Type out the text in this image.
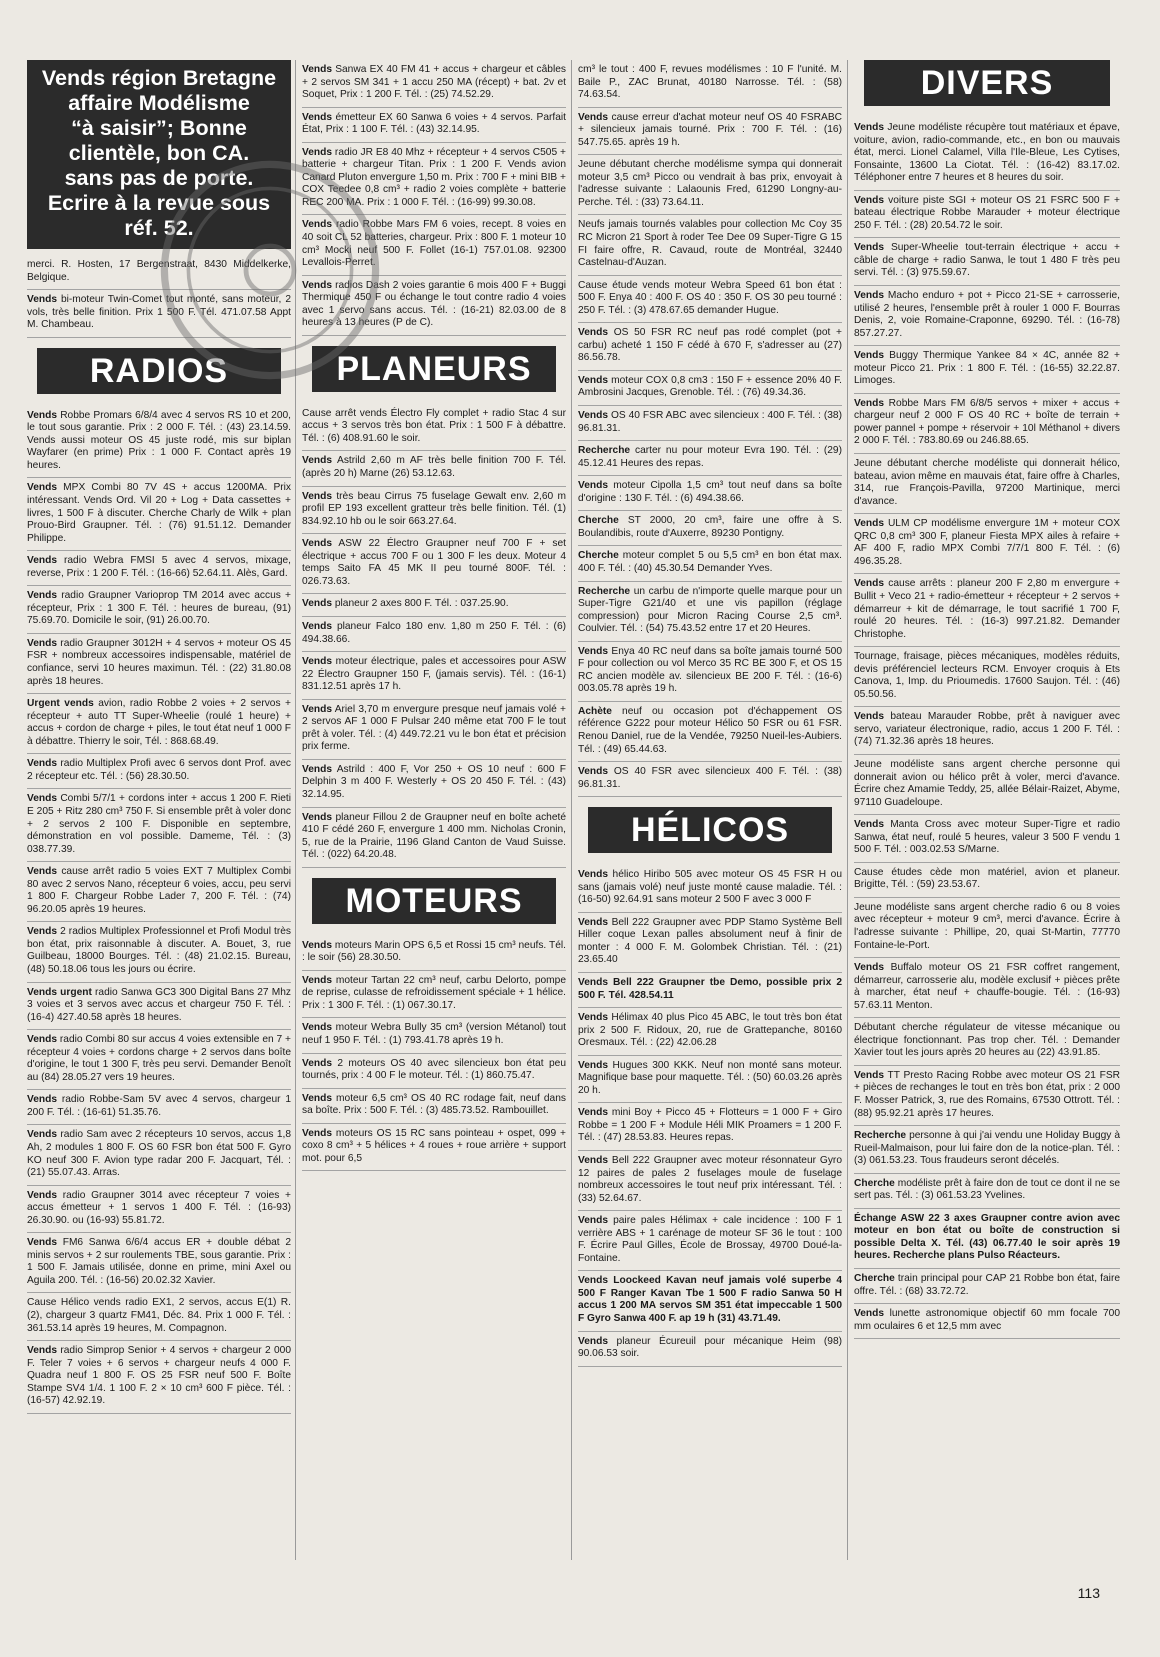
Vends région Bretagne affaire Modélisme
“à saisir”; Bonne clientèle, bon CA.
sans pas de porte.
Ecrire à la revue sous réf. 52.

merci. R. Hosten, 17 Bergenstraat, 8430 Middelkerke, Belgique.

Vends bi-moteur Twin-Comet tout monté, sans moteur, 2 vols, très belle finition. Prix 1 500 F. Tél. 471.07.58 Appt M. Chambeau.

RADIOS

Vends Robbe Promars 6/8/4 avec 4 servos RS 10 et 200, le tout sous garantie. Prix : 2 000 F. Tél. : (43) 23.14.59. Vends aussi moteur OS 45 juste rodé, mis sur biplan Wayfarer (en prime) Prix : 1 000 F. Contact après 19 heures.

Vends MPX Combi 80 7V 4S + accus 1200MA. Prix intéressant. Vends Ord. Vil 20 + Log + Data cassettes + livres, 1 500 F à discuter. Cherche Charly de Wilk + plan Prouo-Bird Graupner. Tél. : (76) 91.51.12. Demander Philippe.

Vends radio Webra FMSI 5 avec 4 servos, mixage, reverse, Prix : 1 200 F. Tél. : (16-66) 52.64.11. Alès, Gard.

Vends radio Graupner Varioprop TM 2014 avec accus + récepteur, Prix : 1 300 F. Tél. : heures de bureau, (91) 75.69.70. Domicile le soir, (91) 26.00.70.

Vends radio Graupner 3012H + 4 servos + moteur OS 45 FSR + nombreux accessoires indispensable, matériel de confiance, servi 10 heures maximun. Tél. : (22) 31.80.08 après 18 heures.

Urgent vends avion, radio Robbe 2 voies + 2 servos + récepteur + auto TT Super-Wheelie (roulé 1 heure) + accus + cordon de charge + piles, le tout état neuf 1 000 F à débattre. Thierry le soir, Tél. : 868.68.49.

Vends radio Multiplex Profi avec 6 servos dont Prof. avec 2 récepteur etc. Tél. : (56) 28.30.50.

Vends Combi 5/7/1 + cordons inter + accus 1 200 F. Rieti E 205 + Ritz 280 cm³ 750 F. Si ensemble prêt à voler donc + 2 servos 2 100 F. Disponible en septembre, démonstration en vol possible. Dameme, Tél. : (3) 038.77.39.

Vends cause arrêt radio 5 voies EXT 7 Multiplex Combi 80 avec 2 servos Nano, récepteur 6 voies, accu, peu servi 1 800 F. Chargeur Robbe Lader 7, 200 F. Tél. : (74) 96.20.05 après 19 heures.

Vends 2 radios Multiplex Professionnel et Profi Modul très bon état, prix raisonnable à discuter. A. Bouet, 3, rue Guilbeau, 18000 Bourges. Tél. : (48) 21.02.15. Bureau, (48) 50.18.06 tous les jours ou écrire.

Vends urgent radio Sanwa GC3 300 Digital Bans 27 Mhz 3 voies et 3 servos avec accus et chargeur 750 F. Tél. : (16-4) 427.40.58 après 18 heures.

Vends radio Combi 80 sur accus 4 voies extensible en 7 + récepteur 4 voies + cordons charge + 2 servos dans boîte d'origine, le tout 1 300 F, très peu servi. Demander Benoît au (84) 28.05.27 vers 19 heures.

Vends radio Robbe-Sam 5V avec 4 servos, chargeur 1 200 F. Tél. : (16-61) 51.35.76.

Vends radio Sam avec 2 récepteurs 10 servos, accus 1,8 Ah, 2 modules 1 800 F. OS 60 FSR bon état 500 F. Gyro KO neuf 300 F. Avion type radar 200 F. Jacquart, Tél. : (21) 55.07.43. Arras.

Vends radio Graupner 3014 avec récepteur 7 voies + accus émetteur + 1 servos 1 400 F. Tél. : (16-93) 26.30.90. ou (16-93) 55.81.72.

Vends FM6 Sanwa 6/6/4 accus ER + double débat 2 minis servos + 2 sur roulements TBE, sous garantie. Prix : 1 500 F. Jamais utilisée, donne en prime, mini Axel ou Aguila 200. Tél. : (16-56) 20.02.32 Xavier.

Cause Hélico vends radio EX1, 2 servos, accus E(1) R.(2), chargeur 3 quartz FM41, Déc. 84. Prix 1 000 F. Tél. : 361.53.14 après 19 heures, M. Compagnon.

Vends radio Simprop Senior + 4 servos + chargeur 2 000 F. Teler 7 voies + 6 servos + chargeur neufs 4 000 F. Quadra neuf 1 800 F. OS 25 FSR neuf 500 F. Boîte Stampe SV4 1/4. 1 100 F. 2 × 10 cm³ 600 F pièce. Tél. : (16-57) 42.92.19.

Vends Sanwa EX 40 FM 41 + accus + chargeur et câbles + 2 servos SM 341 + 1 accu 250 MA (récept) + bat. 2v et Soquet, Prix : 1 200 F. Tél. : (25) 74.52.29.

Vends émetteur EX 60 Sanwa 6 voies + 4 servos. Parfait État, Prix : 1 100 F. Tél. : (43) 32.14.95.

Vends radio JR E8 40 Mhz + récepteur + 4 servos C505 + batterie + chargeur Titan. Prix : 1 200 F. Vends avion Canard Pluton envergure 1,50 m. Prix : 700 F + mini BIB + COX Teedee 0,8 cm³ + radio 2 voies complète + batterie REC 200 MA. Prix : 1 000 F. Tél. : (16-99) 99.30.08.

Vends radio Robbe Mars FM 6 voies, recept. 8 voies en 40 soit CL 52 batteries, chargeur. Prix : 800 F. 1 moteur 10 cm³ Mocki neuf 500 F. Follet (16-1) 757.01.08. 92300 Levallois-Perret.

Vends radios Dash 2 voies garantie 6 mois 400 F + Buggi Thermique 450 F ou échange le tout contre radio 4 voies avec 1 servo sans accus. Tél. : (16-21) 82.03.00 de 8 heures à 13 heures (P de C).

PLANEURS

Cause arrêt vends Électro Fly complet + radio Stac 4 sur accus + 3 servos très bon état. Prix : 1 500 F à débattre. Tél. : (6) 408.91.60 le soir.

Vends Astrild 2,60 m AF très belle finition 700 F. Tél. (après 20 h) Marne (26) 53.12.63.

Vends très beau Cirrus 75 fuselage Gewalt env. 2,60 m profil EP 193 excellent gratteur très belle finition. Tél. (1) 834.92.10 hb ou le soir 663.27.64.

Vends ASW 22 Électro Graupner neuf 700 F + set électrique + accus 700 F ou 1 300 F les deux. Moteur 4 temps Saito FA 45 MK II peu tourné 800F. Tél. : 026.73.63.

Vends planeur 2 axes 800 F. Tél. : 037.25.90.

Vends planeur Falco 180 env. 1,80 m 250 F. Tél. : (6) 494.38.66.

Vends moteur électrique, pales et accessoires pour ASW 22 Électro Graupner 150 F, (jamais servis). Tél. : (16-1) 831.12.51 après 17 h.

Vends Ariel 3,70 m envergure presque neuf jamais volé + 2 servos AF 1 000 F Pulsar 240 même etat 700 F le tout prêt à voler. Tél. : (4) 449.72.21 vu le bon état et précision prix ferme.

Vends Astrild : 400 F, Vor 250 + OS 10 neuf : 600 F Delphin 3 m 400 F. Westerly + OS 20 450 F. Tél. : (43) 32.14.95.

Vends planeur Fillou 2 de Graupner neuf en boîte acheté 410 F cédé 260 F, envergure 1 400 mm. Nicholas Cronin, 5, rue de la Prairie, 1196 Gland Canton de Vaud Suisse. Tél. : (022) 64.20.48.

MOTEURS

Vends moteurs Marin OPS 6,5 et Rossi 15 cm³ neufs. Tél. : le soir (56) 28.30.50.

Vends moteur Tartan 22 cm³ neuf, carbu Delorto, pompe de reprise, culasse de refroidissement spéciale + 1 hélice. Prix : 1 300 F. Tél. : (1) 067.30.17.

Vends moteur Webra Bully 35 cm³ (version Métanol) tout neuf 1 950 F. Tél. : (1) 793.41.78 après 19 h.

Vends 2 moteurs OS 40 avec silencieux bon état peu tournés, prix : 4 00 F le moteur. Tél. : (1) 860.75.47.

Vends moteur 6,5 cm³ OS 40 RC rodage fait, neuf dans sa boîte. Prix : 500 F. Tél. : (3) 485.73.52. Rambouillet.

Vends moteurs OS 15 RC sans pointeau + ospet, 099 + coxo 8 cm³ + 5 hélices + 4 roues + roue arrière + support mot. pour 6,5

cm³ le tout : 400 F, revues modélismes : 10 F l'unité. M. Baile P., ZAC Brunat, 40180 Narrosse. Tél. : (58) 74.63.54.

Vends cause erreur d'achat moteur neuf OS 40 FSRABC + silencieux jamais tourné. Prix : 700 F. Tél. : (16) 547.75.65. après 19 h.

Jeune débutant cherche modélisme sympa qui donnerait moteur 3,5 cm³ Picco ou vendrait à bas prix, envoyait à l'adresse suivante : Lalaounis Fred, 61290 Longny-au-Perche. Tél. : (33) 73.64.11.

Neufs jamais tournés valables pour collection Mc Coy 35 RC Micron 21 Sport à roder Tee Dee 09 Super-Tigre G 15 FI faire offre, R. Cavaud, route de Montréal, 32440 Castelnau-d'Auzan.

Cause étude vends moteur Webra Speed 61 bon état : 500 F. Enya 40 : 400 F. OS 40 : 350 F. OS 30 peu tourné : 250 F. Tél. : (3) 478.67.65 demander Hugue.

Vends OS 50 FSR RC neuf pas rodé complet (pot + carbu) acheté 1 150 F cédé à 670 F, s'adresser au (27) 86.56.78.

Vends moteur COX 0,8 cm3 : 150 F + essence 20% 40 F. Ambrosini Jacques, Grenoble. Tél. : (76) 49.34.36.

Vends OS 40 FSR ABC avec silencieux : 400 F. Tél. : (38) 96.81.31.

Recherche carter nu pour moteur Evra 190. Tél. : (29) 45.12.41 Heures des repas.

Vends moteur Cipolla 1,5 cm³ tout neuf dans sa boîte d'origine : 130 F. Tél. : (6) 494.38.66.

Cherche ST 2000, 20 cm³, faire une offre à S. Boulandibis, route d'Auxerre, 89230 Pontigny.

Cherche moteur complet 5 ou 5,5 cm³ en bon état max. 400 F. Tél. : (40) 45.30.54 Demander Yves.

Recherche un carbu de n'importe quelle marque pour un Super-Tigre G21/40 et une vis papillon (réglage compression) pour Micron Racing Course 2,5 cm³. Coulvier. Tél. : (54) 75.43.52 entre 17 et 20 Heures.

Vends Enya 40 RC neuf dans sa boîte jamais tourné 500 F pour collection ou vol Merco 35 RC BE 300 F, et OS 15 RC ancien modèle av. silencieux BE 200 F. Tél. : (16-6) 003.05.78 après 19 h.

Achète neuf ou occasion pot d'échappement OS référence G222 pour moteur Hélico 50 FSR ou 61 FSR. Renou Daniel, rue de la Vendée, 79250 Nueil-les-Aubiers. Tél. : (49) 65.44.63.

Vends OS 40 FSR avec silencieux 400 F. Tél. : (38) 96.81.31.

HÉLICOS

Vends hélico Hiribo 505 avec moteur OS 45 FSR H ou sans (jamais volé) neuf juste monté cause maladie. Tél. : (16-50) 92.64.91 sans moteur 2 500 F avec 3 000 F

Vends Bell 222 Graupner avec PDP Stamo Système Bell Hiller coque Lexan palles absolument neuf à finir de monter : 4 000 F. M. Golombek Christian. Tél. : (21) 23.65.40

Vends Bell 222 Graupner tbe Demo, possible prix 2 500 F. Tél. 428.54.11

Vends Hélimax 40 plus Pico 45 ABC, le tout très bon état prix 2 500 F. Ridoux, 20, rue de Grattepanche, 80160 Oresmaux. Tél. : (22) 42.06.28

Vends Hugues 300 KKK. Neuf non monté sans moteur. Magnifique base pour maquette. Tél. : (50) 60.03.26 après 20 h.

Vends mini Boy + Picco 45 + Flotteurs = 1 000 F + Giro Robbe = 1 200 F + Module Héli MIK Proamers = 1 200 F. Tél. : (47) 28.53.83. Heures repas.

Vends Bell 222 Graupner avec moteur résonnateur Gyro 12 paires de pales 2 fuselages moule de fuselage nombreux accessoires le tout neuf prix intéressant. Tél. : (33) 52.64.67.

Vends paire pales Hélimax + cale incidence : 100 F 1 verrière ABS + 1 carénage de moteur SF 36 le tout : 100 F. Écrire Paul Gilles, École de Brossay, 49700 Doué-la-Fontaine.

Vends Loockeed Kavan neuf jamais volé superbe 4 500 F Ranger Kavan Tbe 1 500 F radio Sanwa 50 H accus 1 200 MA servos SM 351 état impeccable 1 500 F Gyro Sanwa 400 F. ap 19 h (31) 43.71.49.

Vends planeur Écureuil pour mécanique Heim (98) 90.06.53 soir.

DIVERS

Vends Jeune modéliste récupère tout matériaux et épave, voiture, avion, radio-commande, etc., en bon ou mauvais état, merci. Lionel Calamel, Villa l'Ile-Bleue, Les Cytises, Fonsainte, 13600 La Ciotat. Tél. : (16-42) 83.17.02. Téléphoner entre 7 heures et 8 heures du soir.

Vends voiture piste SGI + moteur OS 21 FSRC 500 F + bateau électrique Robbe Marauder + moteur électrique 250 F. Tél. : (28) 20.54.72 le soir.

Vends Super-Wheelie tout-terrain électrique + accu + câble de charge + radio Sanwa, le tout 1 480 F très peu servi. Tél. : (3) 975.59.67.

Vends Macho enduro + pot + Picco 21-SE + carrosserie, utilisé 2 heures, l'ensemble prêt à rouler 1 000 F. Bourras Denis, 2, voie Romaine-Craponne, 69290. Tél. : (16-78) 857.27.27.

Vends Buggy Thermique Yankee 84 × 4C, année 82 + moteur Picco 21. Prix : 1 800 F. Tél. : (16-55) 32.22.87. Limoges.

Vends Robbe Mars FM 6/8/5 servos + mixer + accus + chargeur neuf 2 000 F OS 40 RC + boîte de terrain + power pannel + pompe + réservoir + 10l Méthanol + divers 2 000 F. Tél. : 783.80.69 ou 246.88.65.

Jeune débutant cherche modéliste qui donnerait hélico, bateau, avion même en mauvais état, faire offre à Charles, 314, rue François-Pavilla, 97200 Martinique, merci d'avance.

Vends ULM CP modélisme envergure 1M + moteur COX QRC 0,8 cm³ 300 F, planeur Fiesta MPX ailes à refaire + AF 400 F, radio MPX Combi 7/7/1 800 F. Tél. : (6) 496.35.28.

Vends cause arrêts : planeur 200 F 2,80 m envergure + Bullit + Veco 21 + radio-émetteur + récepteur + 2 servos + démarreur + kit de démarrage, le tout sacrifié 1 700 F, roulé 20 heures. Tél. : (16-3) 997.21.82. Demander Christophe.

Tournage, fraisage, pièces mécaniques, modèles réduits, devis préférenciel lecteurs RCM. Envoyer croquis à Ets Canova, 1, Imp. du Prioumedis. 17600 Saujon. Tél. : (46) 05.50.56.

Vends bateau Marauder Robbe, prêt à naviguer avec servo, variateur électronique, radio, accus 1 200 F. Tél. : (74) 71.32.36 après 18 heures.

Jeune modéliste sans argent cherche personne qui donnerait avion ou hélico prêt à voler, merci d'avance. Écrire chez Amamie Teddy, 25, allée Bélair-Raizet, Abyme, 97110 Guadeloupe.

Vends Manta Cross avec moteur Super-Tigre et radio Sanwa, état neuf, roulé 5 heures, valeur 3 500 F vendu 1 500 F. Tél. : 003.02.53 S/Marne.

Cause études cède mon matériel, avion et planeur. Brigitte, Tél. : (59) 23.53.67.

Jeune modéliste sans argent cherche radio 6 ou 8 voies avec récepteur + moteur 9 cm³, merci d'avance. Écrire à l'adresse suivante : Phillipe, 20, quai St-Martin, 77770 Fontaine-le-Port.

Vends Buffalo moteur OS 21 FSR coffret rangement, démarreur, carrosserie alu, modèle exclusif + pièces prête à marcher, état neuf + chauffe-bougie. Tél. : (16-93) 57.63.11 Menton.

Débutant cherche régulateur de vitesse mécanique ou électrique fonctionnant. Pas trop cher. Tél. : Demander Xavier tout les jours après 20 heures au (22) 43.91.85.

Vends TT Presto Racing Robbe avec moteur OS 21 FSR + pièces de rechanges le tout en très bon état, prix : 2 000 F. Mosser Patrick, 3, rue des Romains, 67530 Ottrott. Tél. : (88) 95.92.21 après 17 heures.

Recherche personne à qui j'ai vendu une Holiday Buggy à Rueil-Malmaison, pour lui faire don de la notice-plan. Tél. : (3) 061.53.23. Tous fraudeurs seront décelés.

Cherche modéliste prêt à faire don de tout ce dont il ne se sert pas. Tél. : (3) 061.53.23 Yvelines.

Échange ASW 22 3 axes Graupner contre avion avec moteur en bon état ou boîte de construction si possible Delta X. Tél. (43) 06.77.40 le soir après 19 heures. Recherche plans Pulso Réacteurs.

Cherche train principal pour CAP 21 Robbe bon état, faire offre. Tél. : (68) 33.72.72.

Vends lunette astronomique objectif 60 mm focale 700 mm oculaires 6 et 12,5 mm avec

113
